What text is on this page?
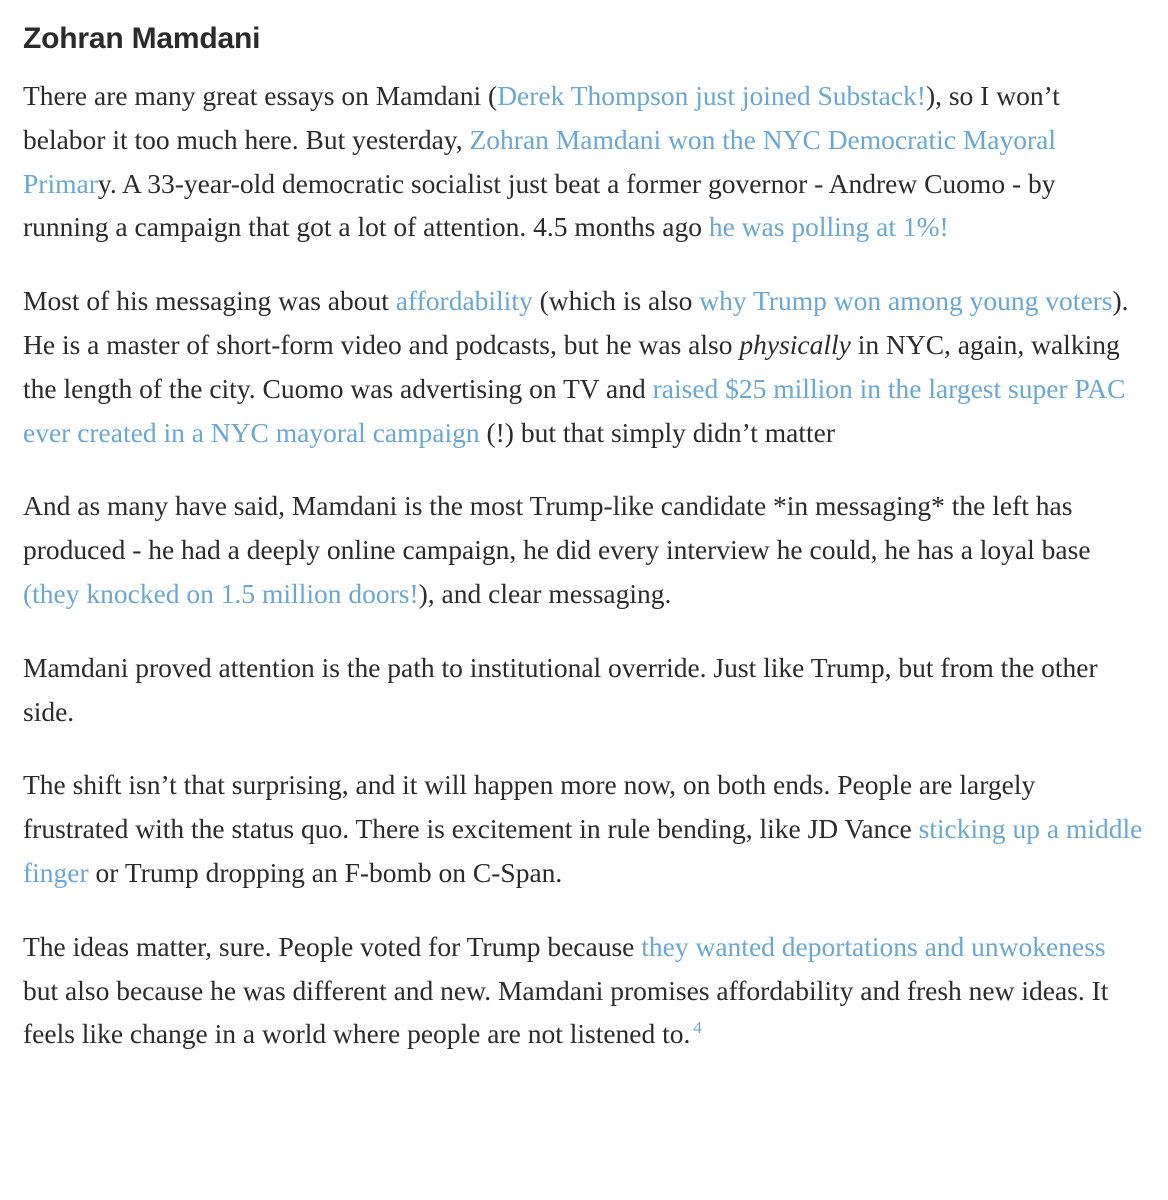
Zohran Mamdani

There are many great essays on Mamdani (Derek Thompson just joined Substack!), so I won’t belabor it too much here. But yesterday, Zohran Mamdani won the NYC Democratic Mayoral Primary. A 33-year-old democratic socialist just beat a former governor - Andrew Cuomo - by running a campaign that got a lot of attention. 4.5 months ago he was polling at 1%!

Most of his messaging was about affordability (which is also why Trump won among young voters). He is a master of short-form video and podcasts, but he was also physically in NYC, again, walking the length of the city. Cuomo was advertising on TV and raised $25 million in the largest super PAC ever created in a NYC mayoral campaign (!) but that simply didn’t matter

And as many have said, Mamdani is the most Trump-like candidate *in messaging* the left has produced - he had a deeply online campaign, he did every interview he could, he has a loyal base (they knocked on 1.5 million doors!), and clear messaging.

Mamdani proved attention is the path to institutional override. Just like Trump, but from the other side.

The shift isn’t that surprising, and it will happen more now, on both ends. People are largely frustrated with the status quo. There is excitement in rule bending, like JD Vance sticking up a middle finger or Trump dropping an F-bomb on C-Span.

The ideas matter, sure. People voted for Trump because they wanted deportations and unwokeness but also because he was different and new. Mamdani promises affordability and fresh new ideas. It feels like change in a world where people are not listened to. $^4$
